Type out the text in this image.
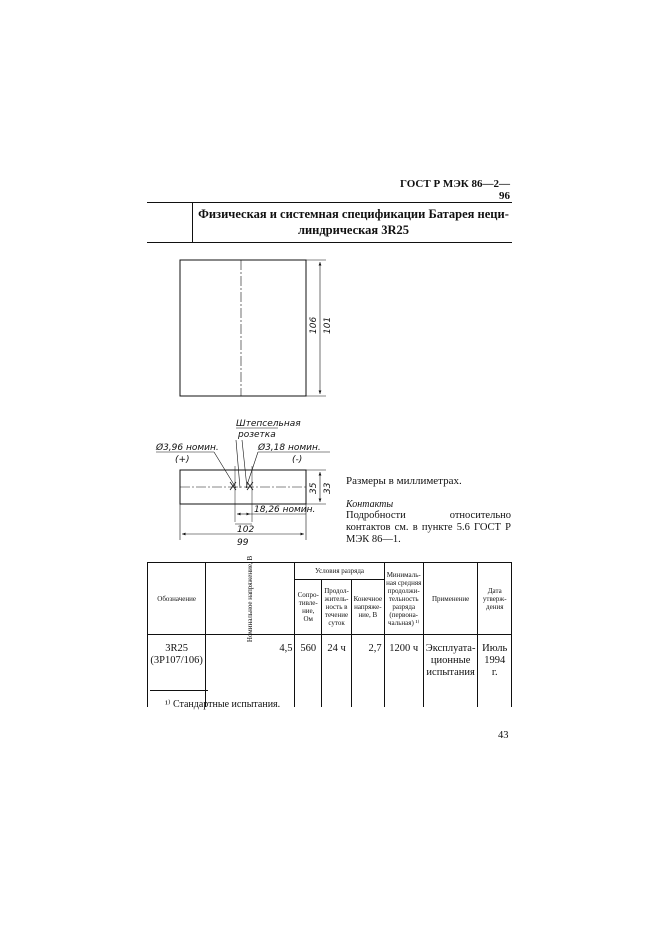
ГОСТ Р МЭК 86—2—96
Физическая и системная спецификации Батарея неци-
линдрическая 3R25
106 101
Штепсельная
розетка
Ø3,96 номин.	Ø3,18 номин.
(+)	(-)
35 33
18,26 номин.
102
99
Размеры в миллиметрах.
Контакты
Подробности относительно контактов см. в пункте 5.6 ГОСТ Р МЭК 86—1.
Обозначение	Номинальное напряжение, В	Условия разряда			Минималь-ная средняя продолжи-тельность разряда (первона-чальная) ¹⁾	Применение	Дата утверж-дения
		Сопро-тивле-ние, Ом	Продол-житель-ность в течение суток	Конечное напряже-ние, В			
3R25 (3Р107/106)	4,5	560	24 ч	2,7	1200 ч	Эксплуата-ционные испытания	Июль 1994 г.
¹⁾ Стандартные испытания.
43
